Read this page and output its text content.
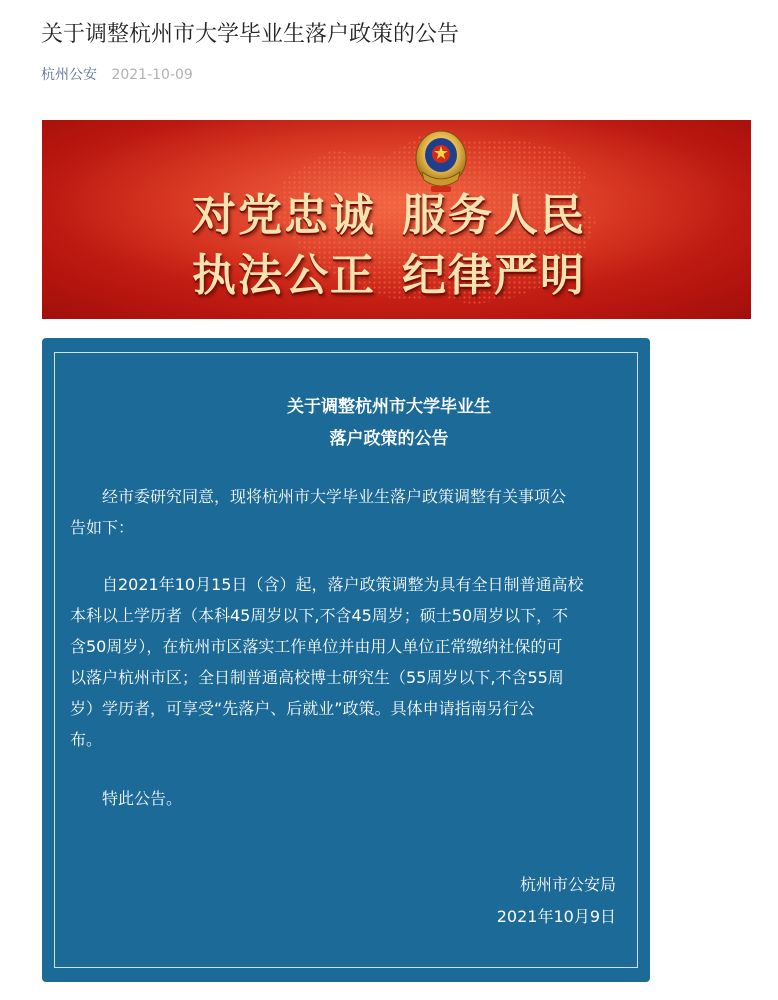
关于调整杭州市大学毕业生落户政策的公告
杭州公安 2021-10-09
对党忠诚 服务人民
执法公正 纪律严明
关于调整杭州市大学毕业生
落户政策的公告

　　经市委研究同意，现将杭州市大学毕业生落户政策调整有关事项公
告如下：

　　自2021年10月15日（含）起，落户政策调整为具有全日制普通高校
本科以上学历者（本科45周岁以下,不含45周岁；硕士50周岁以下，不
含50周岁），在杭州市区落实工作单位并由用人单位正常缴纳社保的可
以落户杭州市区；全日制普通高校博士研究生（55周岁以下,不含55周
岁）学历者，可享受“先落户、后就业”政策。具体申请指南另行公
布。

　　特此公告。

杭州市公安局
2021年10月9日
